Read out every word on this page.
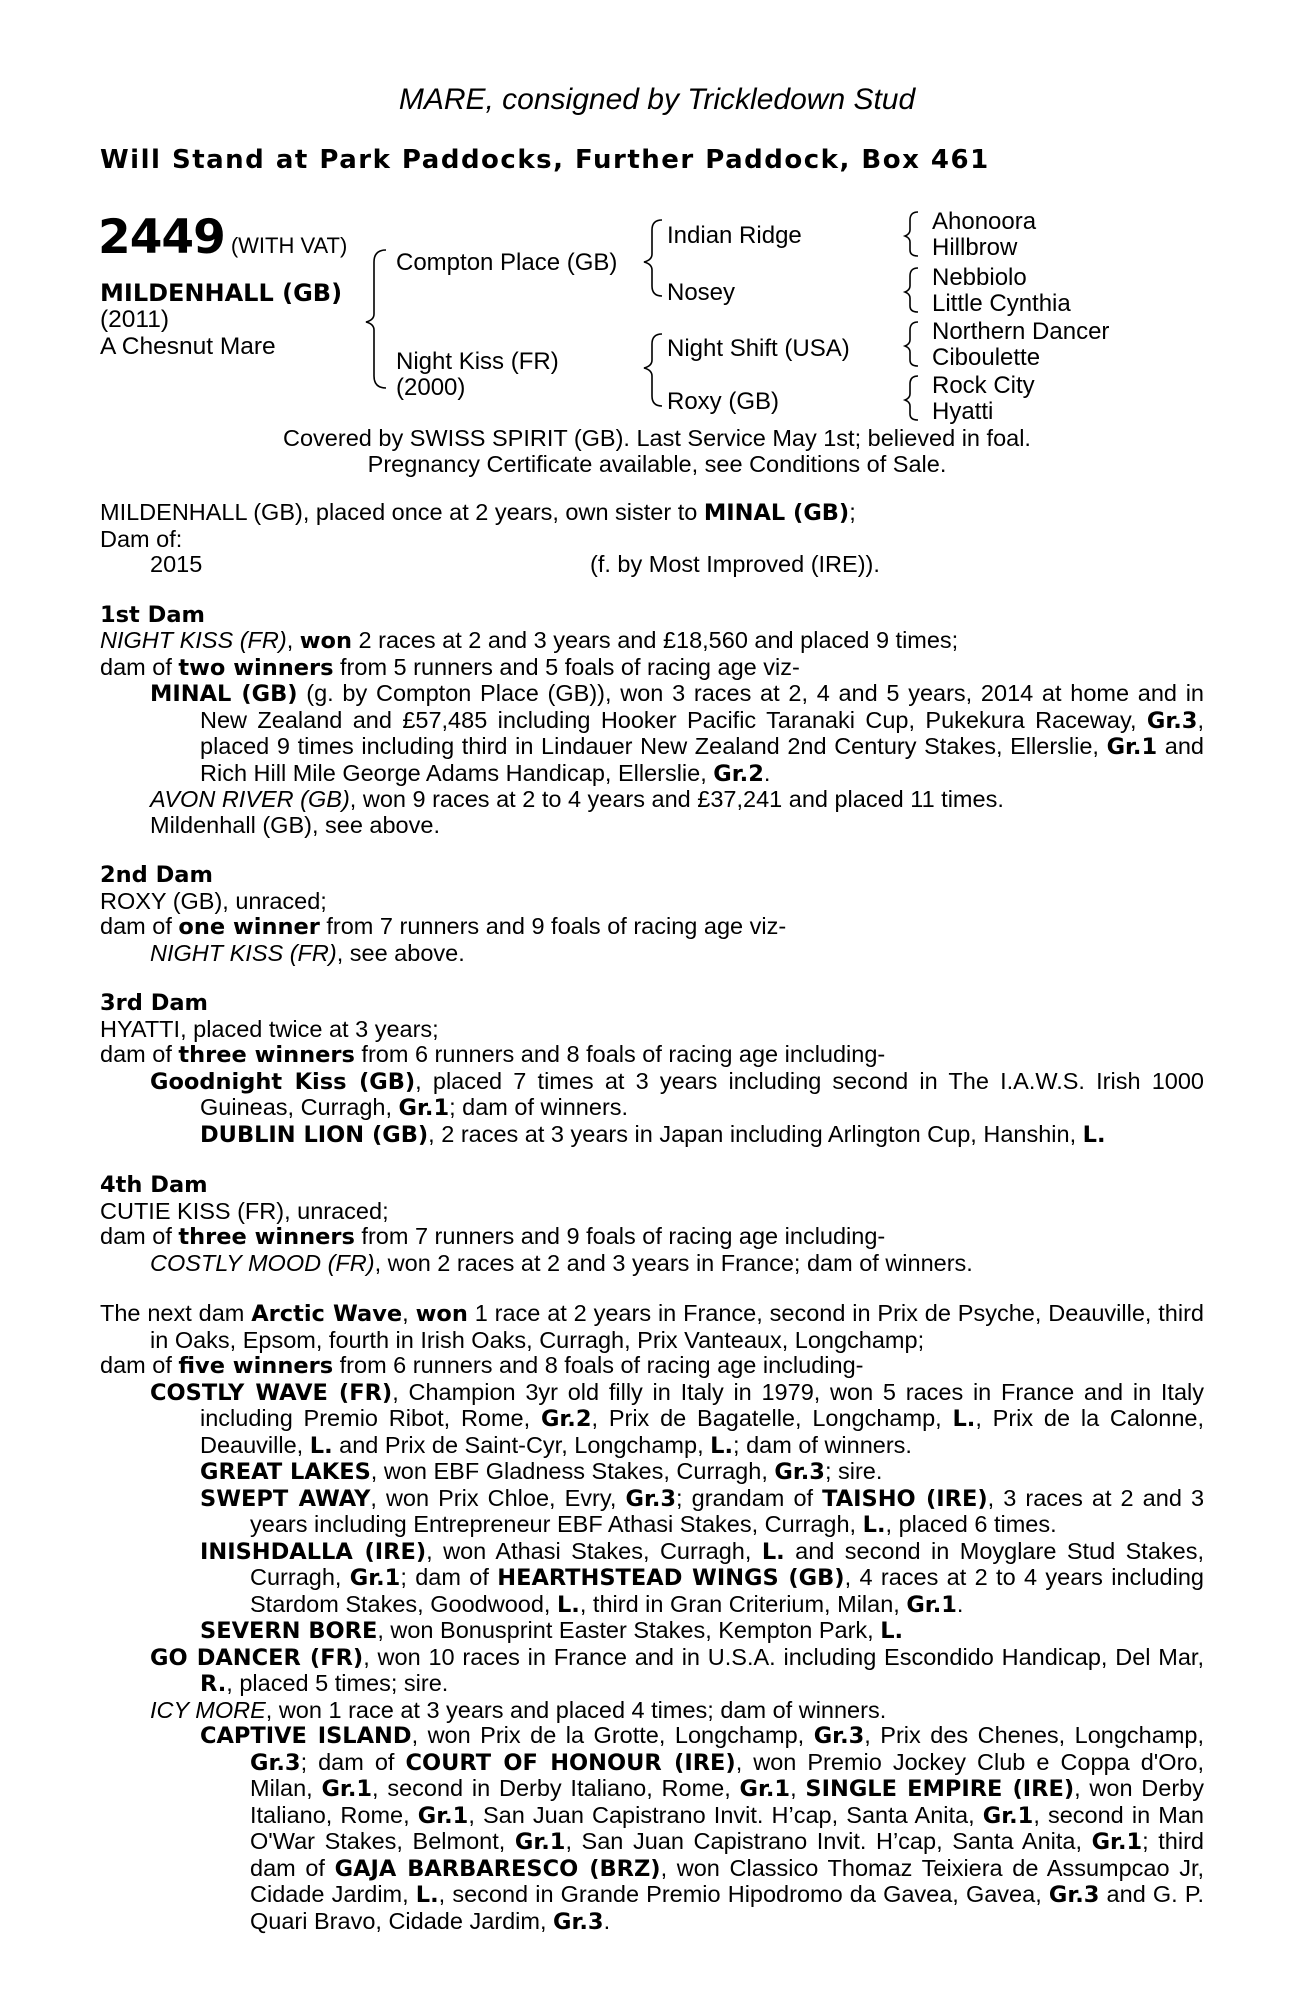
MARE, consigned by Trickledown Stud
Will Stand at Park Paddocks, Further Paddock, Box 461
2449 (WITH VAT)
MILDENHALL (GB)
(2011)
A Chesnut Mare
Compton Place (GB)
Night Kiss (FR)
(2000)
Indian Ridge
Nosey
Night Shift (USA)
Roxy (GB)
Ahonoora
Hillbrow
Nebbiolo
Little Cynthia
Northern Dancer
Ciboulette
Rock City
Hyatti
Covered by SWISS SPIRIT (GB). Last Service May 1st; believed in foal.
Pregnancy Certificate available, see Conditions of Sale.

MILDENHALL (GB), placed once at 2 years, own sister to MINAL (GB);

Dam of:

2015	(f. by Most Improved (IRE)).

1st Dam

NIGHT KISS (FR), won 2 races at 2 and 3 years and £18,560 and placed 9 times;

dam of two winners from 5 runners and 5 foals of racing age viz-

MINAL (GB) (g. by Compton Place (GB)), won 3 races at 2, 4 and 5 years, 2014 at home and in New Zealand and £57,485 including Hooker Pacific Taranaki Cup, Pukekura Raceway, Gr.3, placed 9 times including third in Lindauer New Zealand 2nd Century Stakes, Ellerslie, Gr.1 and Rich Hill Mile George Adams Handicap, Ellerslie, Gr.2.

AVON RIVER (GB), won 9 races at 2 to 4 years and £37,241 and placed 11 times.

Mildenhall (GB), see above.

2nd Dam

ROXY (GB), unraced;

dam of one winner from 7 runners and 9 foals of racing age viz-

NIGHT KISS (FR), see above.

3rd Dam

HYATTI, placed twice at 3 years;

dam of three winners from 6 runners and 8 foals of racing age including-

Goodnight Kiss (GB), placed 7 times at 3 years including second in The I.A.W.S. Irish 1000 Guineas, Curragh, Gr.1; dam of winners.

DUBLIN LION (GB), 2 races at 3 years in Japan including Arlington Cup, Hanshin, L.

4th Dam

CUTIE KISS (FR), unraced;

dam of three winners from 7 runners and 9 foals of racing age including-

COSTLY MOOD (FR), won 2 races at 2 and 3 years in France; dam of winners.

The next dam Arctic Wave, won 1 race at 2 years in France, second in Prix de Psyche, Deauville, third in Oaks, Epsom, fourth in Irish Oaks, Curragh, Prix Vanteaux, Longchamp;

dam of five winners from 6 runners and 8 foals of racing age including-

COSTLY WAVE (FR), Champion 3yr old filly in Italy in 1979, won 5 races in France and in Italy including Premio Ribot, Rome, Gr.2, Prix de Bagatelle, Longchamp, L., Prix de la Calonne, Deauville, L. and Prix de Saint-Cyr, Longchamp, L.; dam of winners.

GREAT LAKES, won EBF Gladness Stakes, Curragh, Gr.3; sire.

SWEPT AWAY, won Prix Chloe, Evry, Gr.3; grandam of TAISHO (IRE), 3 races at 2 and 3 years including Entrepreneur EBF Athasi Stakes, Curragh, L., placed 6 times.

INISHDALLA (IRE), won Athasi Stakes, Curragh, L. and second in Moyglare Stud Stakes, Curragh, Gr.1; dam of HEARTHSTEAD WINGS (GB), 4 races at 2 to 4 years including Stardom Stakes, Goodwood, L., third in Gran Criterium, Milan, Gr.1.

SEVERN BORE, won Bonusprint Easter Stakes, Kempton Park, L.

GO DANCER (FR), won 10 races in France and in U.S.A. including Escondido Handicap, Del Mar, R., placed 5 times; sire.

ICY MORE, won 1 race at 3 years and placed 4 times; dam of winners.

CAPTIVE ISLAND, won Prix de la Grotte, Longchamp, Gr.3, Prix des Chenes, Longchamp, Gr.3; dam of COURT OF HONOUR (IRE), won Premio Jockey Club e Coppa d'Oro, Milan, Gr.1, second in Derby Italiano, Rome, Gr.1, SINGLE EMPIRE (IRE), won Derby Italiano, Rome, Gr.1, San Juan Capistrano Invit. H’cap, Santa Anita, Gr.1, second in Man O'War Stakes, Belmont, Gr.1, San Juan Capistrano Invit. H’cap, Santa Anita, Gr.1; third dam of GAJA BARBARESCO (BRZ), won Classico Thomaz Teixiera de Assumpcao Jr, Cidade Jardim, L., second in Grande Premio Hipodromo da Gavea, Gavea, Gr.3 and G. P. Quari Bravo, Cidade Jardim, Gr.3.
